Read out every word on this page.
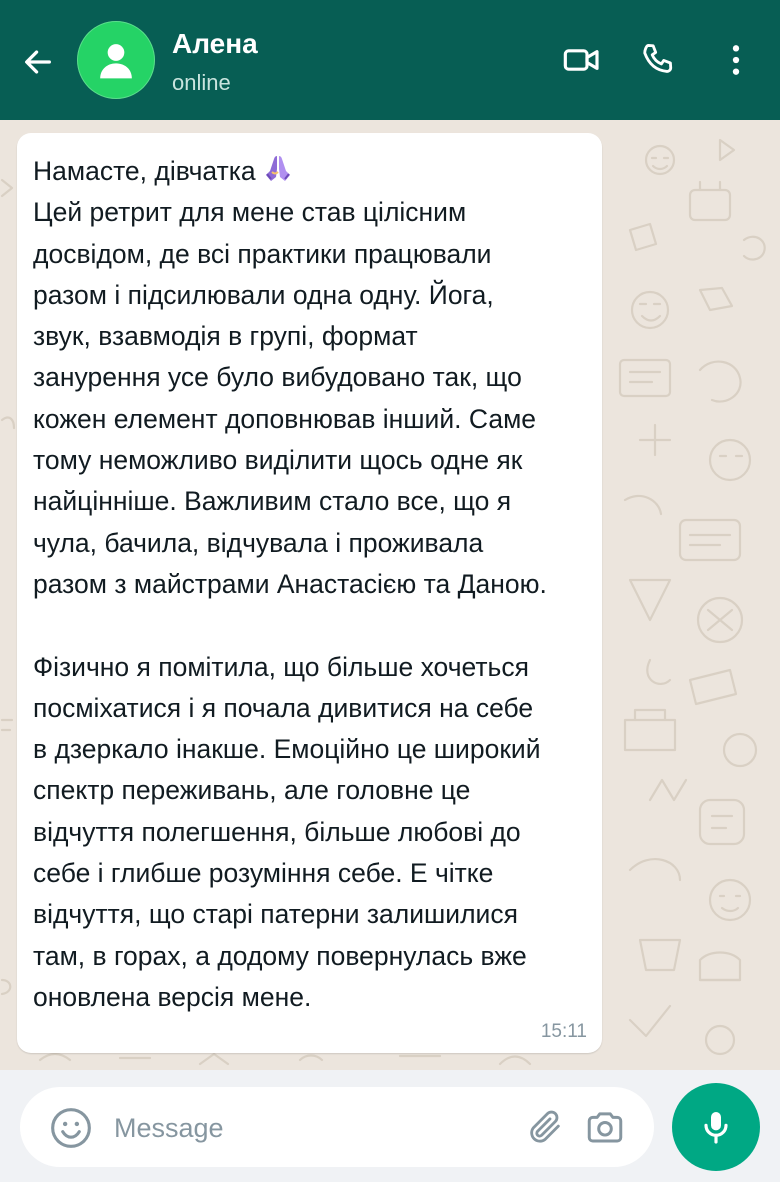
Алена
online
Намасте, дівчатка
Цей ретрит для мене став цілісним
досвідом, де всі практики працювали
разом і підсилювали одна одну. Йога,
звук, взавмодія в групі, формат
занурення усе було вибудовано так, що
кожен елемент доповнював інший. Саме
тому неможливо виділити щось одне як
найцінніше. Важливим стало все, що я
чула, бачила, відчувала і проживала
разом з майстрами Анастасією та Даною.
Фізично я помітила, що більше хочеться
посміхатися і я почала дивитися на себе
в дзеркало інакше. Емоційно це широкий
спектр переживань, але головне це
відчуття полегшення, більше любові до
себе і глибше розуміння себе. Е чітке
відчуття, що старі патерни залишилися
там, в горах, а додому повернулась вже
оновлена версія мене.
15:11
Message
